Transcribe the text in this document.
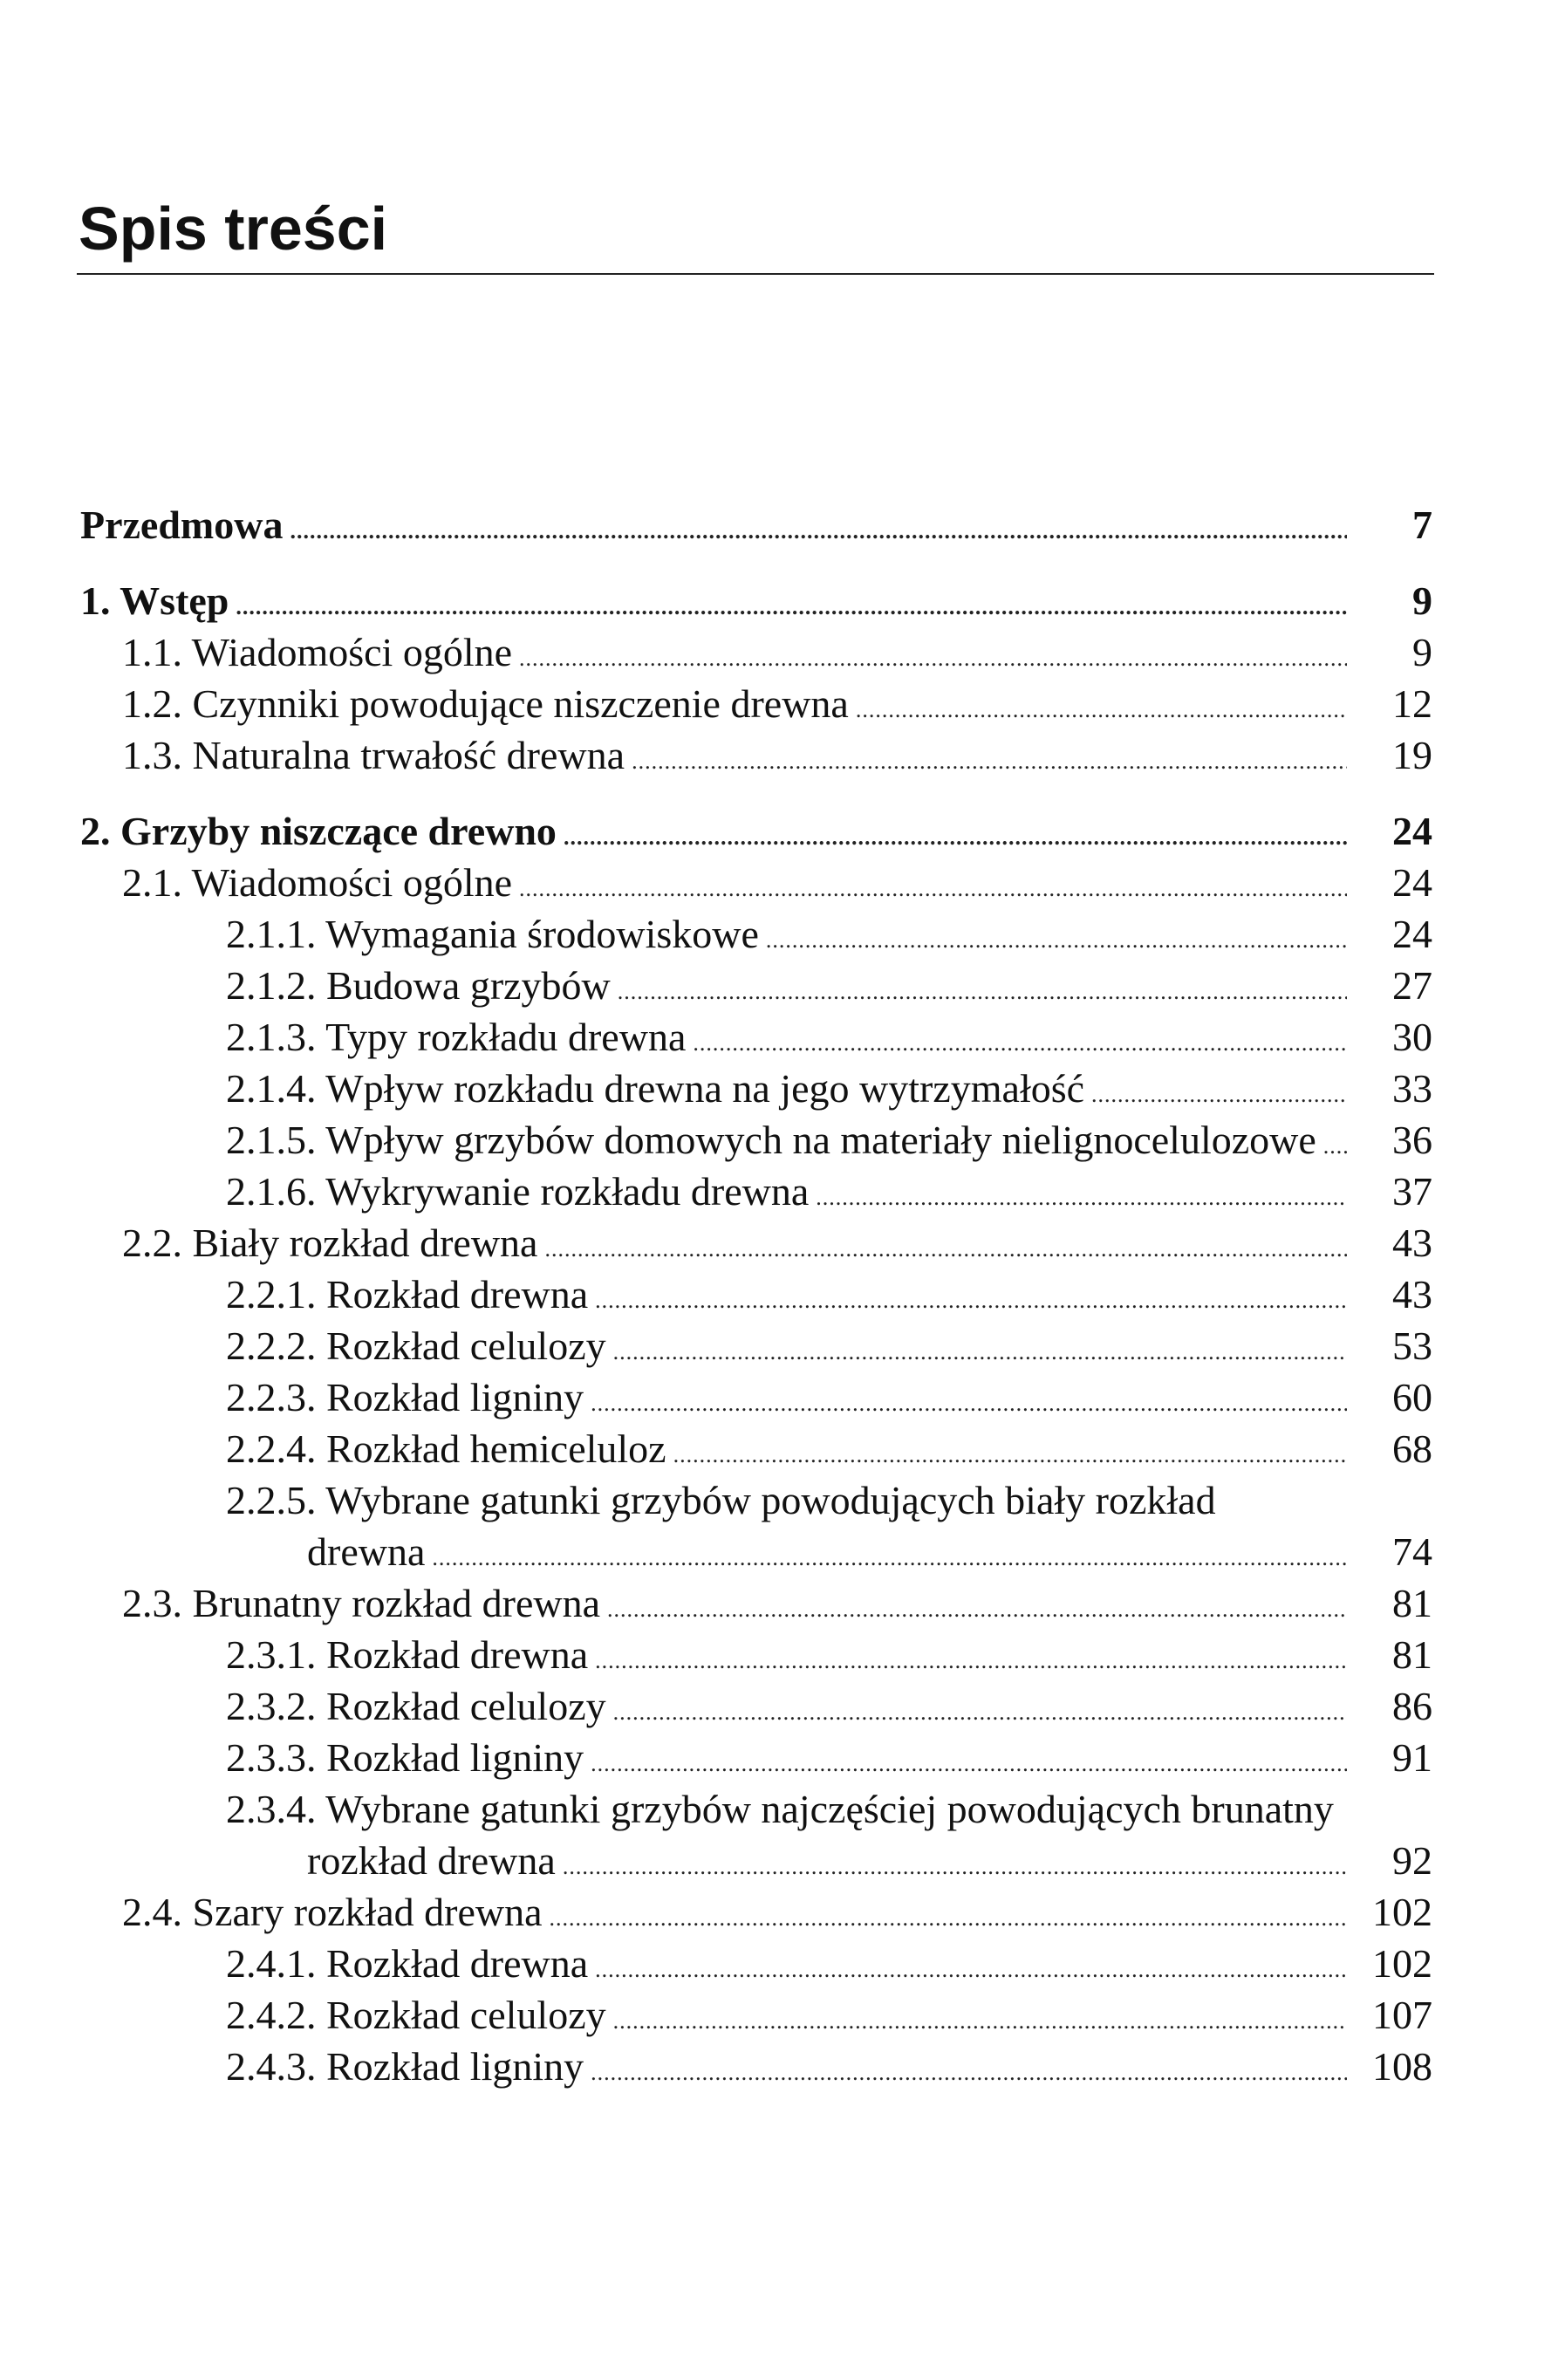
Spis treści
Przedmowa .....	7
1. Wstęp .....	9
1.1. Wiadomości ogólne .....	9
1.2. Czynniki powodujące niszczenie drewna .....	12
1.3. Naturalna trwałość drewna .....	19
2. Grzyby niszczące drewno .....	24
2.1. Wiadomości ogólne .....	24
2.1.1. Wymagania środowiskowe .....	24
2.1.2. Budowa grzybów .....	27
2.1.3. Typy rozkładu drewna .....	30
2.1.4. Wpływ rozkładu drewna na jego wytrzymałość .....	33
2.1.5. Wpływ grzybów domowych na materiały nielignocelulozowe .....	36
2.1.6. Wykrywanie rozkładu drewna .....	37
2.2. Biały rozkład drewna .....	43
2.2.1. Rozkład drewna .....	43
2.2.2. Rozkład celulozy .....	53
2.2.3. Rozkład ligniny .....	60
2.2.4. Rozkład hemiceluloz .....	68
2.2.5. Wybrane gatunki grzybów powodujących biały rozkład
drewna .....	74
2.3. Brunatny rozkład drewna .....	81
2.3.1. Rozkład drewna .....	81
2.3.2. Rozkład celulozy .....	86
2.3.3. Rozkład ligniny .....	91
2.3.4. Wybrane gatunki grzybów najczęściej powodujących brunatny
rozkład drewna .....	92
2.4. Szary rozkład drewna .....	102
2.4.1. Rozkład drewna .....	102
2.4.2. Rozkład celulozy .....	107
2.4.3. Rozkład ligniny .....	108
